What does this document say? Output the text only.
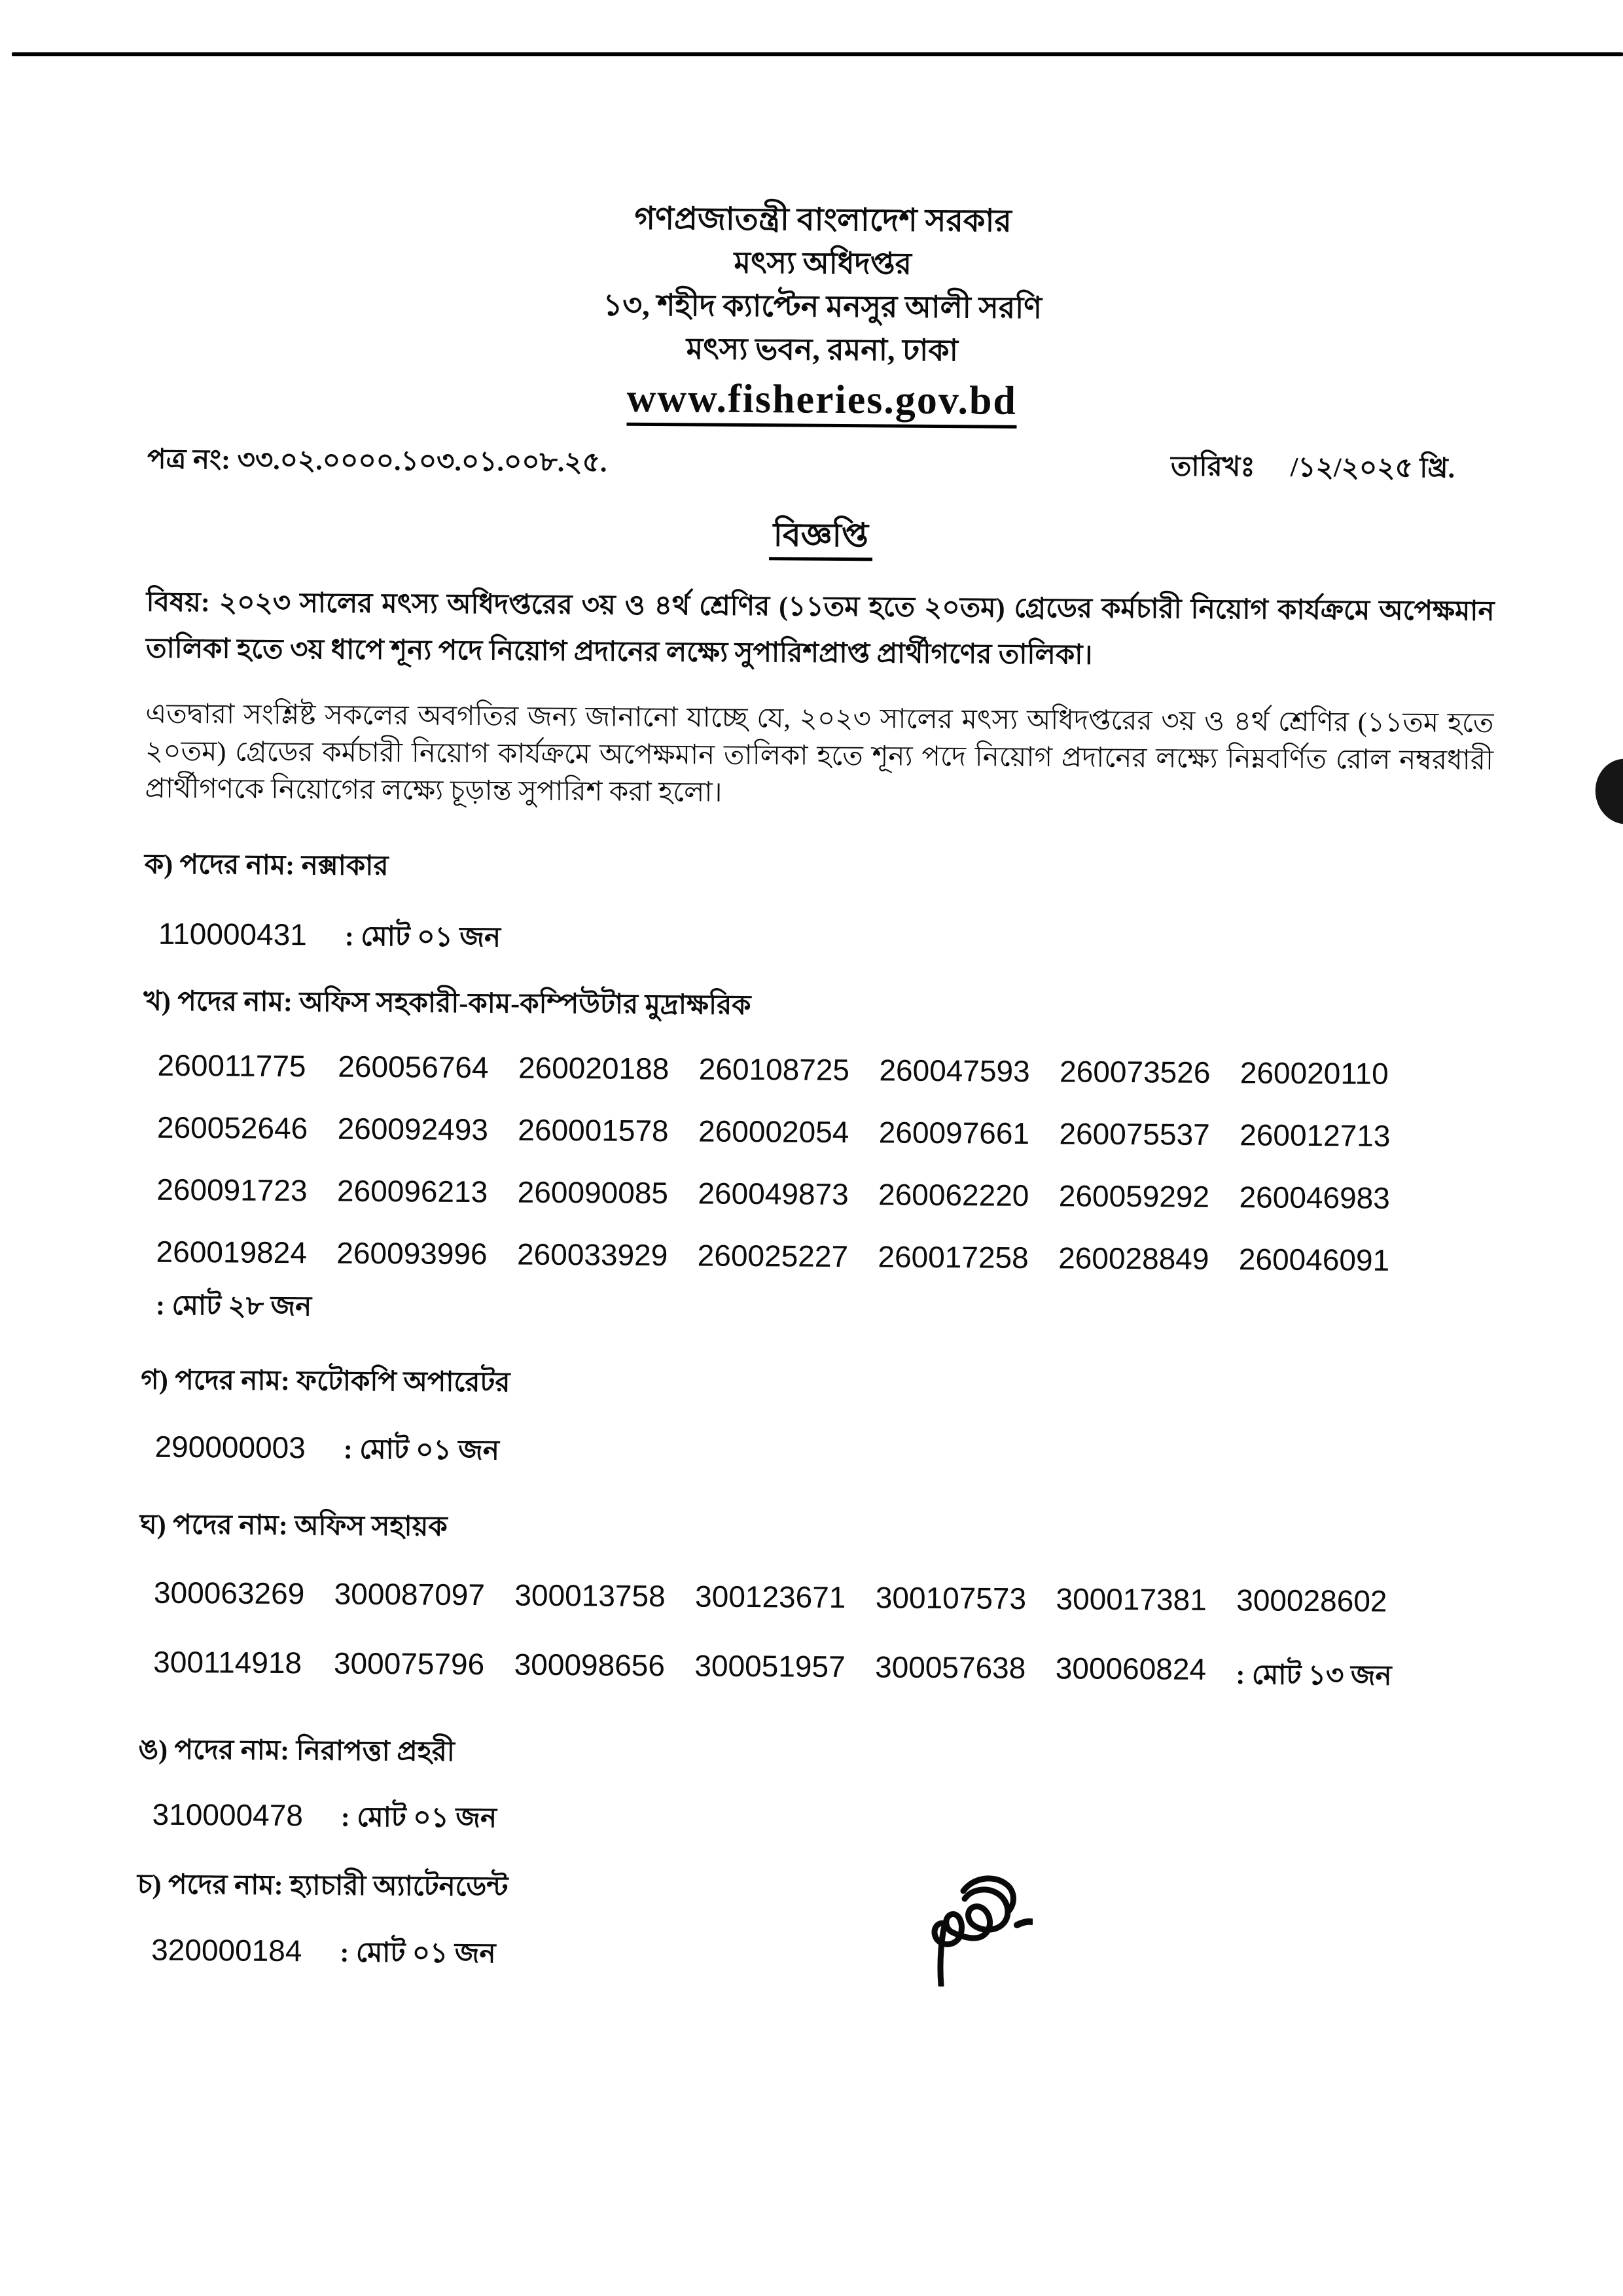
গণপ্রজাতন্ত্রী বাংলাদেশ সরকার
মৎস্য অধিদপ্তর
১৩, শহীদ ক্যাপ্টেন মনসুর আলী সরণি
মৎস্য ভবন, রমনা, ঢাকা
www.fisheries.gov.bd
পত্র নং: ৩৩.০২.০০০০.১০৩.০১.০০৮.২৫.	তারিখঃ /১২/২০২৫ খ্রি.
বিজ্ঞপ্তি

বিষয়: ২০২৩ সালের মৎস্য অধিদপ্তরের ৩য় ও ৪র্থ শ্রেণির (১১তম হতে ২০তম) গ্রেডের কর্মচারী নিয়োগ কার্যক্রমে অপেক্ষমান তালিকা হতে ৩য় ধাপে শূন্য পদে নিয়োগ প্রদানের লক্ষ্যে সুপারিশপ্রাপ্ত প্রার্থীগণের তালিকা।

এতদ্বারা সংশ্লিষ্ট সকলের অবগতির জন্য জানানো যাচ্ছে যে, ২০২৩ সালের মৎস্য অধিদপ্তরের ৩য় ও ৪র্থ শ্রেণির (১১তম হতে ২০তম) গ্রেডের কর্মচারী নিয়োগ কার্যক্রমে অপেক্ষমান তালিকা হতে শূন্য পদে নিয়োগ প্রদানের লক্ষ্যে নিম্নবর্ণিত রোল নম্বরধারী প্রার্থীগণকে নিয়োগের লক্ষ্যে চূড়ান্ত সুপারিশ করা হলো।

ক) পদের নাম: নক্সাকার
110000431 : মোট ০১ জন
খ) পদের নাম: অফিস সহকারী-কাম-কম্পিউটার মুদ্রাক্ষরিক
260011775	260056764 260020188 260108725 260047593 260073526 260020110
260052646 260092493 260001578 260002054 260097661 260075537 260012713
260091723 260096213 260090085 260049873 260062220 260059292 260046983
260019824 260093996 260033929 260025227 260017258 260028849 260046091
: মোট ২৮ জন
গ) পদের নাম: ফটোকপি অপারেটর
290000003 : মোট ০১ জন
ঘ) পদের নাম: অফিস সহায়ক
300063269 300087097 300013758 300123671 300107573 300017381 300028602
300114918	300075796 300098656 300051957 300057638 300060824	: মোট ১৩ জন
ঙ) পদের নাম: নিরাপত্তা প্রহরী
310000478 : মোট ০১ জন
চ) পদের নাম: হ্যাচারী অ্যাটেনডেন্ট
320000184 : মোট ০১ জন
